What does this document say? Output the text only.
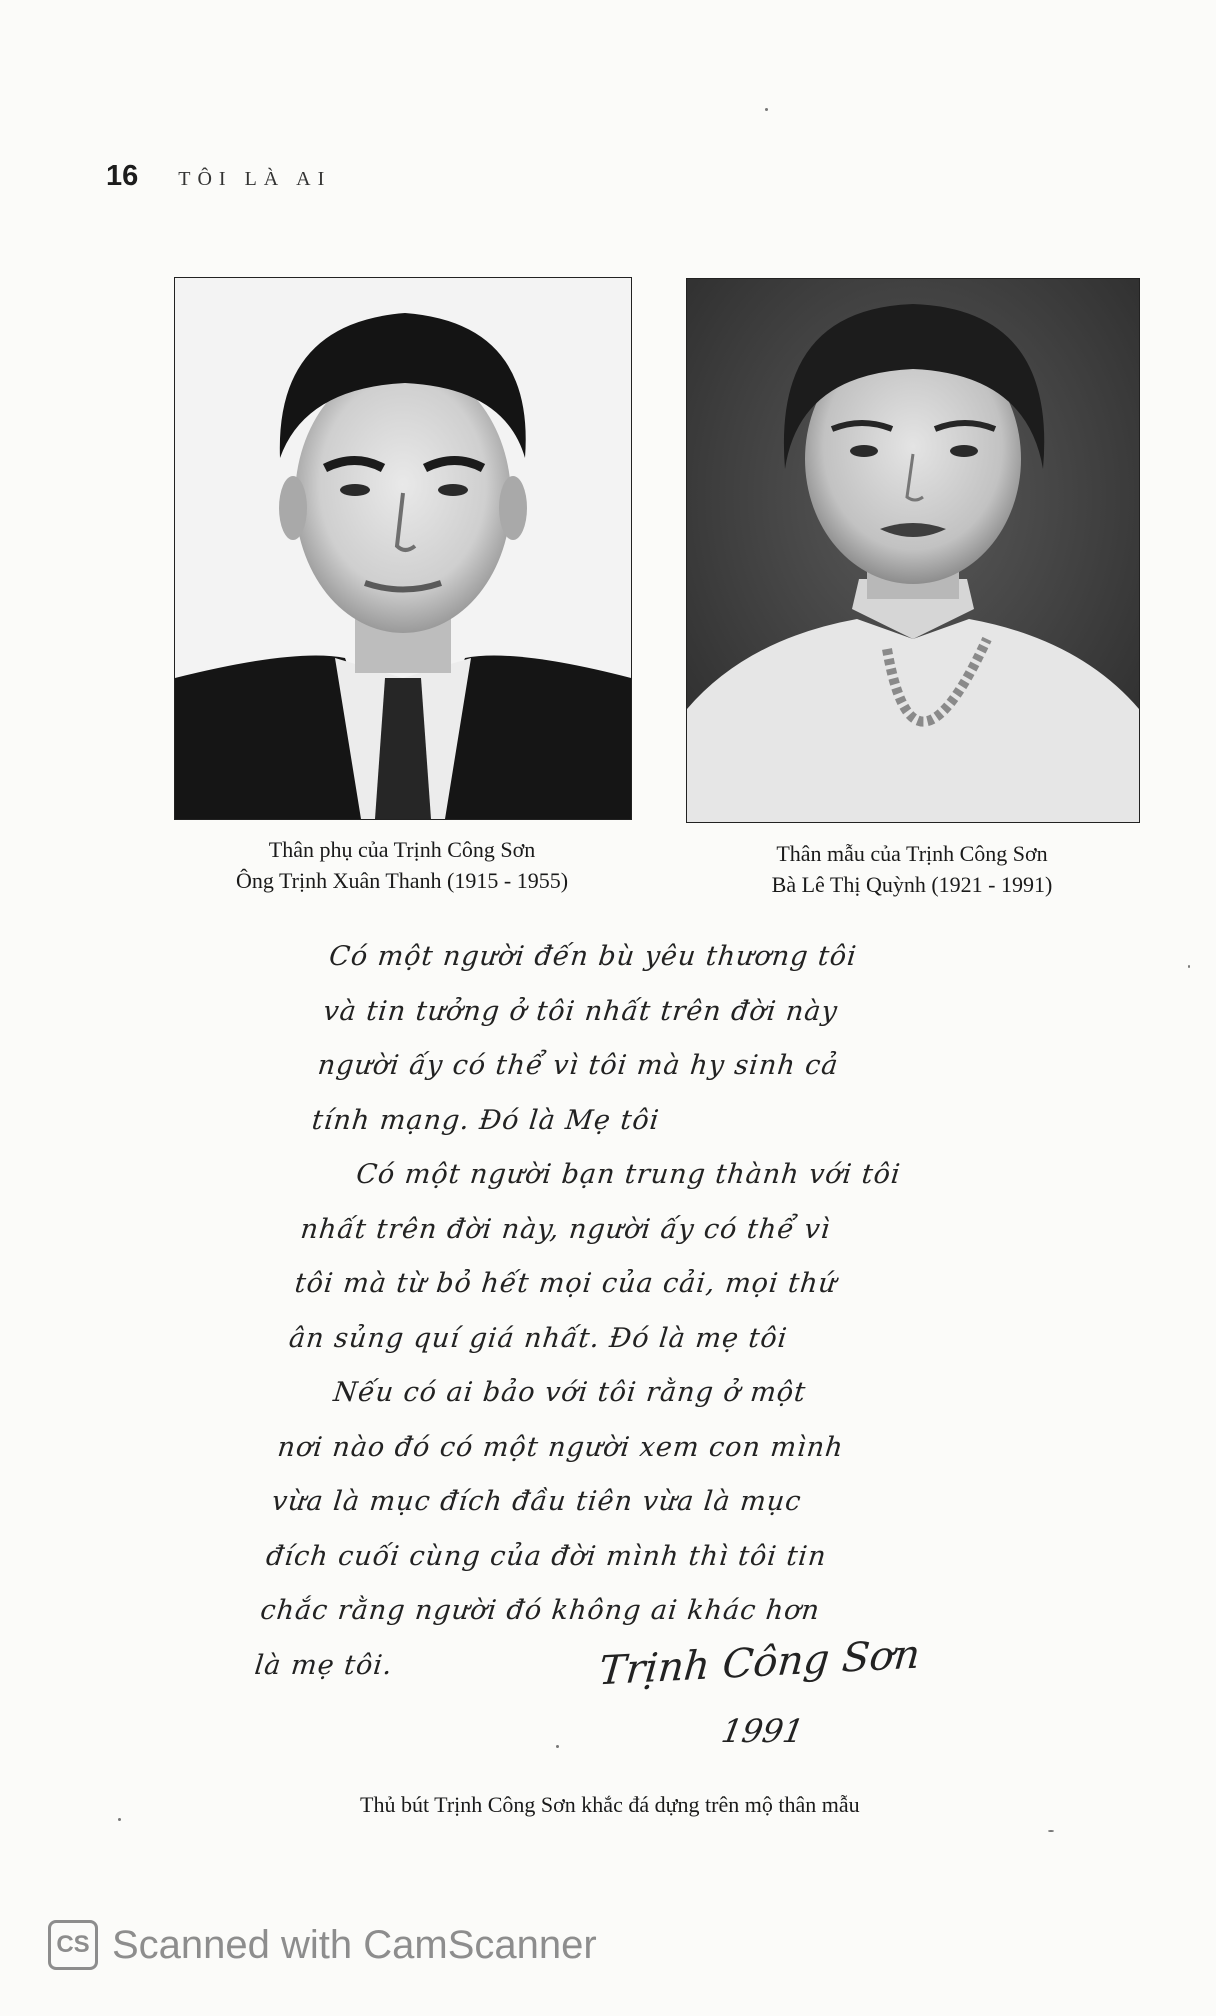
16 TÔI LÀ AI
Thân phụ của Trịnh Công Sơn
Ông Trịnh Xuân Thanh (1915 - 1955)
Thân mẫu của Trịnh Công Sơn
Bà Lê Thị Quỳnh (1921 - 1991)
Có một người đến bù yêu thương tôi
và tin tưởng ở tôi nhất trên đời này
người ấy có thể vì tôi mà hy sinh cả
tính mạng. Đó là Mẹ tôi
Có một người bạn trung thành với tôi
nhất trên đời này, người ấy có thể vì
tôi mà từ bỏ hết mọi của cải, mọi thứ
ân sủng quí giá nhất. Đó là mẹ tôi
Nếu có ai bảo với tôi rằng ở một
nơi nào đó có một người xem con mình
vừa là mục đích đầu tiên vừa là mục
đích cuối cùng của đời mình thì tôi tin
chắc rằng người đó không ai khác hơn
là mẹ tôi.	Trịnh Công Sơn
1991
Thủ bút Trịnh Công Sơn khắc đá dựng trên mộ thân mẫu
CS Scanned with CamScanner
